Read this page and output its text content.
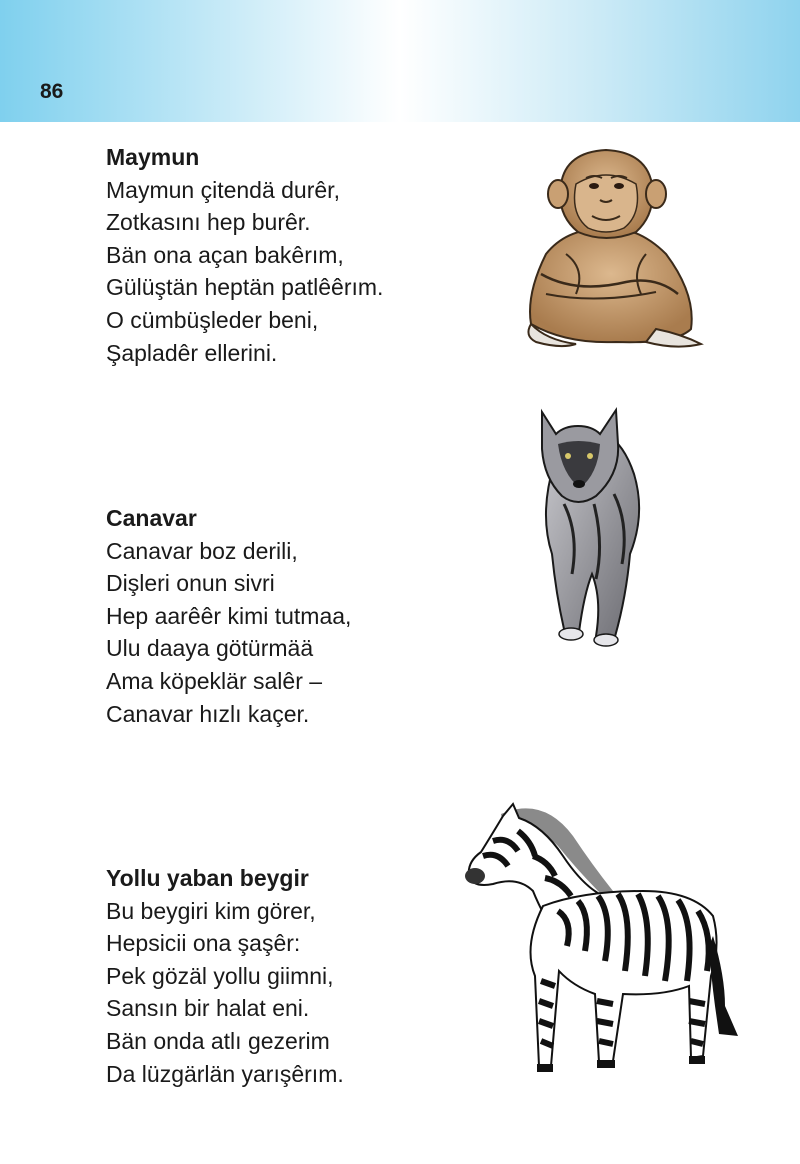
86
Maymun
Maymun çitendä durêr,
Zotkasını hep burêr.
Bän ona açan bakêrım,
Gülüştän heptän patlêêrım.
O cümbüşleder beni,
Şapladêr ellerini.
Canavar
Canavar boz derili,
Dişleri onun sivri
Hep aarêêr kimi tutmaa,
Ulu daaya götürmää
Ama köpeklär salêr –
Canavar hızlı kaçer.
Yollu yaban beygir
Bu beygiri kim görer,
Hepsicii ona şaşêr:
Pek gözäl yollu giimni,
Sansın bir halat eni.
Bän onda atlı gezerim
Da lüzgärlän yarışêrım.
